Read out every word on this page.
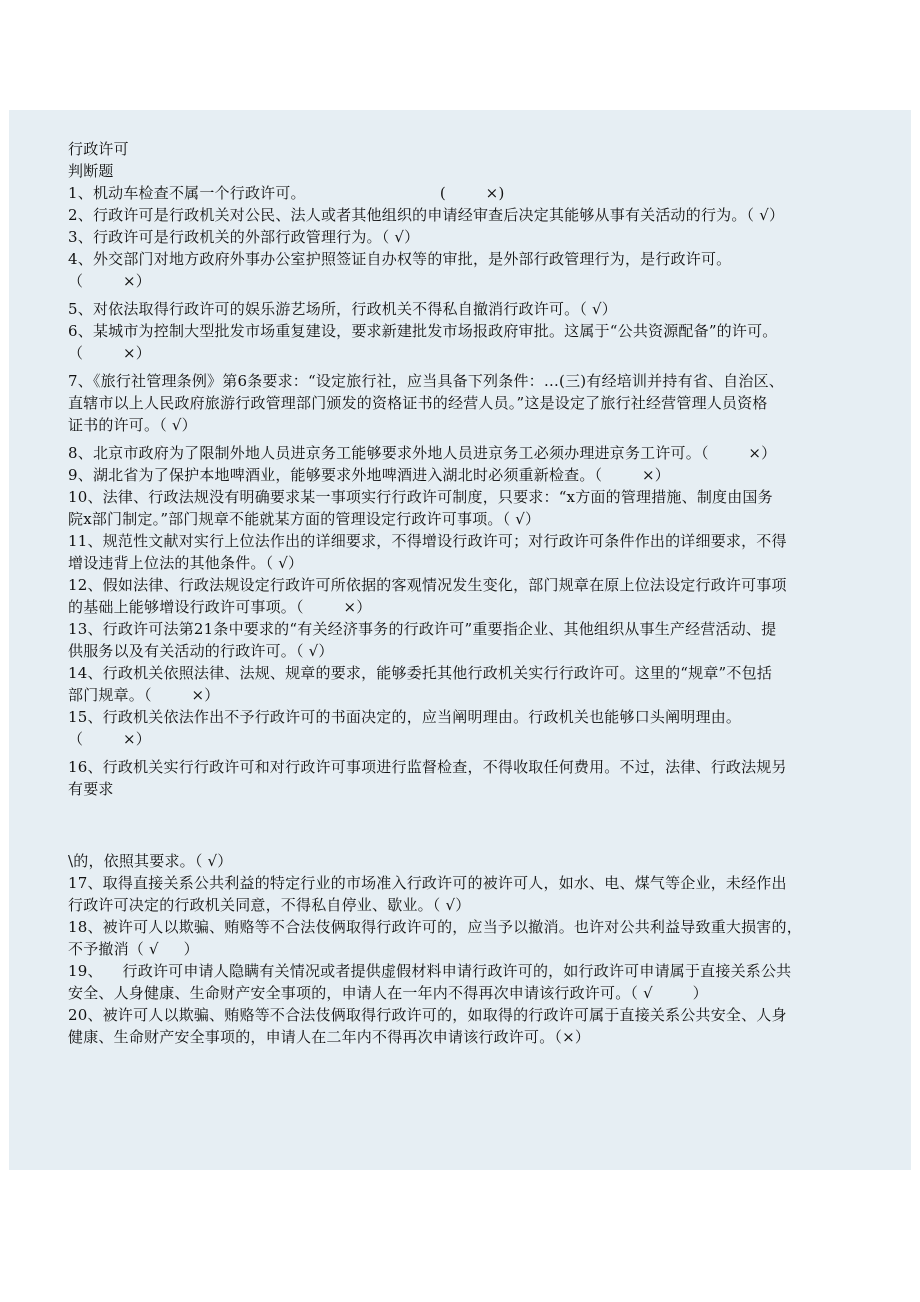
行政许可
判断题
1、机动车检查不属一个行政许可。                           (        ×)
2、行政许可是行政机关对公民、法人或者其他组织的申请经审查后决定其能够从事有关活动的行为。（ √）
3、行政许可是行政机关的外部行政管理行为。（ √）
4、外交部门对地方政府外事办公室护照签证自办权等的审批，是外部行政管理行为，是行政许可。
（        ×）
5、对依法取得行政许可的娱乐游艺场所，行政机关不得私自撤消行政许可。（ √）
6、某城市为控制大型批发市场重复建设，要求新建批发市场报政府审批。这属于“公共资源配备”的许可。
（        ×）
7、《旅行社管理条例》第6条要求：“设定旅行社，应当具备下列条件：…(三)有经培训并持有省、自治区、
直辖市以上人民政府旅游行政管理部门颁发的资格证书的经营人员。”这是设定了旅行社经营管理人员资格
证书的许可。（ √）
8、北京市政府为了限制外地人员进京务工能够要求外地人员进京务工必须办理进京务工许可。（        ×）
9、湖北省为了保护本地啤酒业，能够要求外地啤酒进入湖北时必须重新检查。（        ×）
10、法律、行政法规没有明确要求某一事项实行行政许可制度，只要求：“x方面的管理措施、制度由国务
院x部门制定。”部门规章不能就某方面的管理设定行政许可事项。（ √）
11、规范性文献对实行上位法作出的详细要求，不得增设行政许可；对行政许可条件作出的详细要求，不得
增设违背上位法的其他条件。（ √）
12、假如法律、行政法规设定行政许可所依据的客观情况发生变化，部门规章在原上位法设定行政许可事项
的基础上能够增设行政许可事项。（        ×）
13、行政许可法第21条中要求的“有关经济事务的行政许可”重要指企业、其他组织从事生产经营活动、提
供服务以及有关活动的行政许可。（ √）
14、行政机关依照法律、法规、规章的要求，能够委托其他行政机关实行行政许可。这里的“规章”不包括
部门规章。（        ×）
15、行政机关依法作出不予行政许可的书面决定的，应当阐明理由。行政机关也能够口头阐明理由。
（        ×）
16、行政机关实行行政许可和对行政许可事项进行监督检查，不得收取任何费用。不过，法律、行政法规另
有要求
\的，依照其要求。（ √）
17、取得直接关系公共利益的特定行业的市场准入行政许可的被许可人，如水、电、煤气等企业，未经作出
行政许可决定的行政机关同意，不得私自停业、歇业。（ √）
18、被许可人以欺骗、贿赂等不合法伎俩取得行政许可的，应当予以撤消。也许对公共利益导致重大损害的，
不予撤消（ √     ）
19、    行政许可申请人隐瞒有关情况或者提供虚假材料申请行政许可的，如行政许可申请属于直接关系公共
安全、人身健康、生命财产安全事项的，申请人在一年内不得再次申请该行政许可。（ √        ）
20、被许可人以欺骗、贿赂等不合法伎俩取得行政许可的，如取得的行政许可属于直接关系公共安全、人身
健康、生命财产安全事项的，申请人在二年内不得再次申请该行政许可。（×）
